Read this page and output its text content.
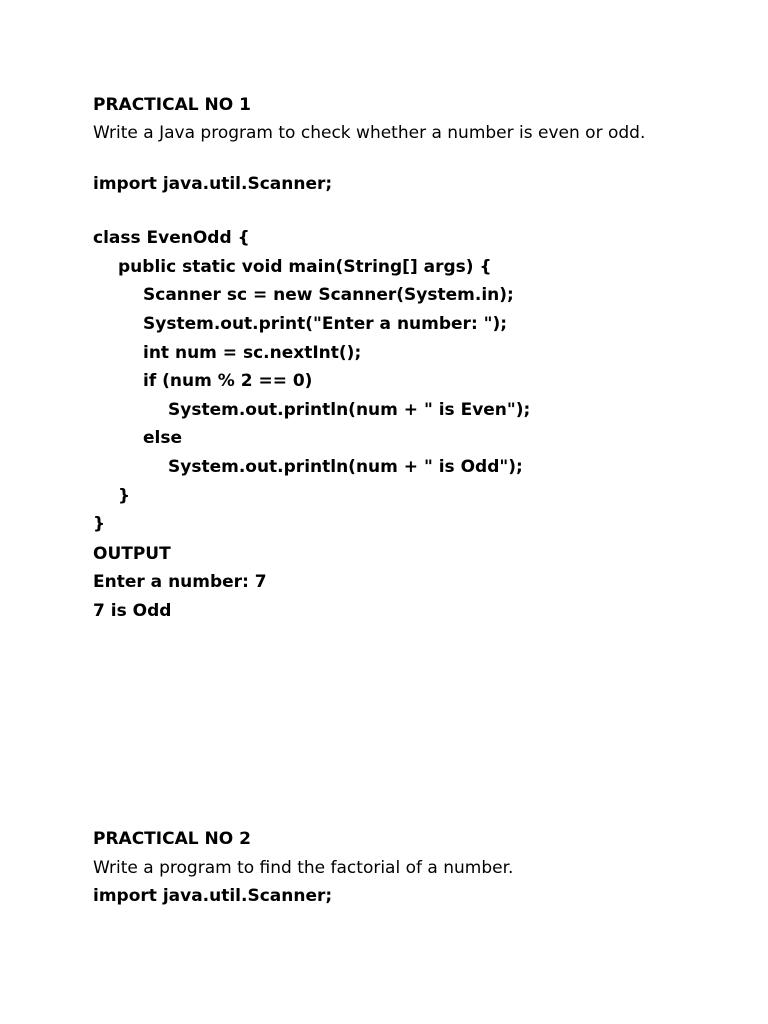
PRACTICAL NO 1
Write a Java program to check whether a number is even or odd.
import java.util.Scanner;
class EvenOdd {
public static void main(String[] args) {
Scanner sc = new Scanner(System.in);
System.out.print("Enter a number: ");
int num = sc.nextInt();
if (num % 2 == 0)
System.out.println(num + " is Even");
else
System.out.println(num + " is Odd");
}
}
OUTPUT
Enter a number: 7
7 is Odd
PRACTICAL NO 2
Write a program to find the factorial of a number.
import java.util.Scanner;
